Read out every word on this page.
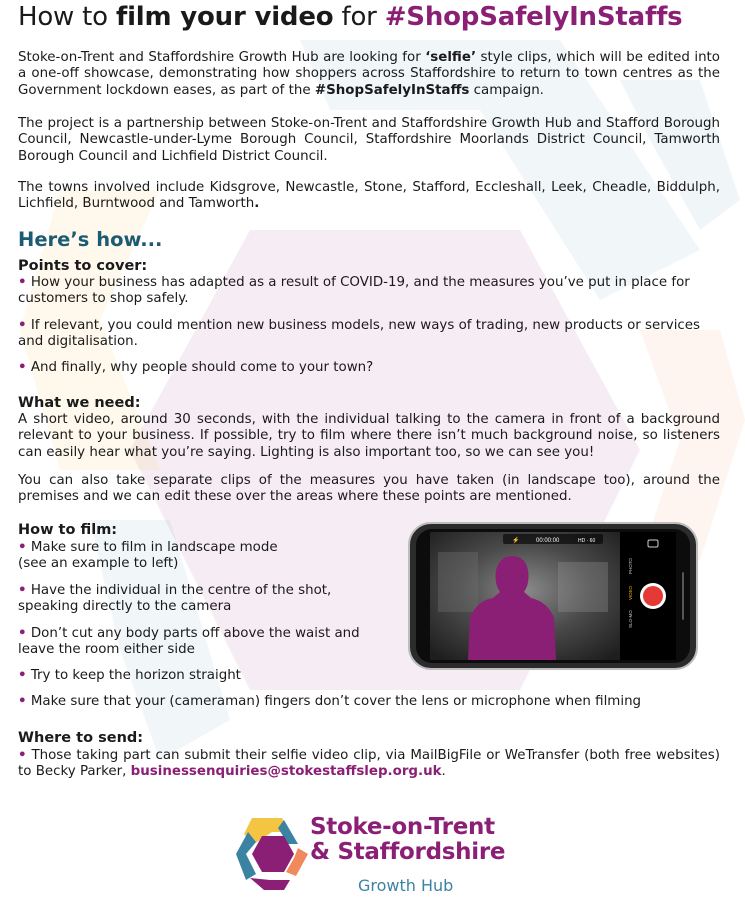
How to film your video for #ShopSafelyInStaffs

Stoke-on-Trent and Staffordshire Growth Hub are looking for ‘selfie’ style clips, which will be edited into a one-off showcase, demonstrating how shoppers across Staffordshire to return to town centres as the Government lockdown eases, as part of the #ShopSafelyInStaffs campaign.

The project is a partnership between Stoke-on-Trent and Staffordshire Growth Hub and Stafford Borough Council, Newcastle-under-Lyme Borough Council, Staffordshire Moorlands District Council, Tamworth Borough Council and Lichfield District Council.

The towns involved include Kidsgrove, Newcastle, Stone, Stafford, Eccleshall, Leek, Cheadle, Biddulph, Lichfield, Burntwood and Tamworth.

Here’s how...
Points to cover:

• How your business has adapted as a result of COVID-19, and the measures you’ve put in place for customers to shop safely.

• If relevant, you could mention new business models, new ways of trading, new products or services and digitalisation.

• And finally, why people should come to your town?

What we need:

A short video, around 30 seconds, with the individual talking to the camera in front of a background relevant to your business. If possible, try to film where there isn’t much background noise, so listeners can easily hear what you’re saying. Lighting is also important too, so we can see you!

You can also take separate clips of the measures you have taken (in landscape too), around the premises and we can edit these over the areas where these points are mentioned.

How to film:

• Make sure to film in landscape mode
(see an example to left)

• Have the individual in the centre of the shot,
speaking directly to the camera

• Don’t cut any body parts off above the waist and
leave the room either side

• Try to keep the horizon straight

• Make sure that your (cameraman) fingers don’t cover the lens or microphone when filming

⚡	00:00:00	HD · 60
PHOTO
VIDEO
SLO-MO
Where to send:

• Those taking part can submit their selfie video clip, via MailBigFile or WeTransfer (both free websites) to Becky Parker, businessenquiries@stokestaffslep.org.uk.

Stoke-on-Trent
& Staffordshire
Growth Hub
